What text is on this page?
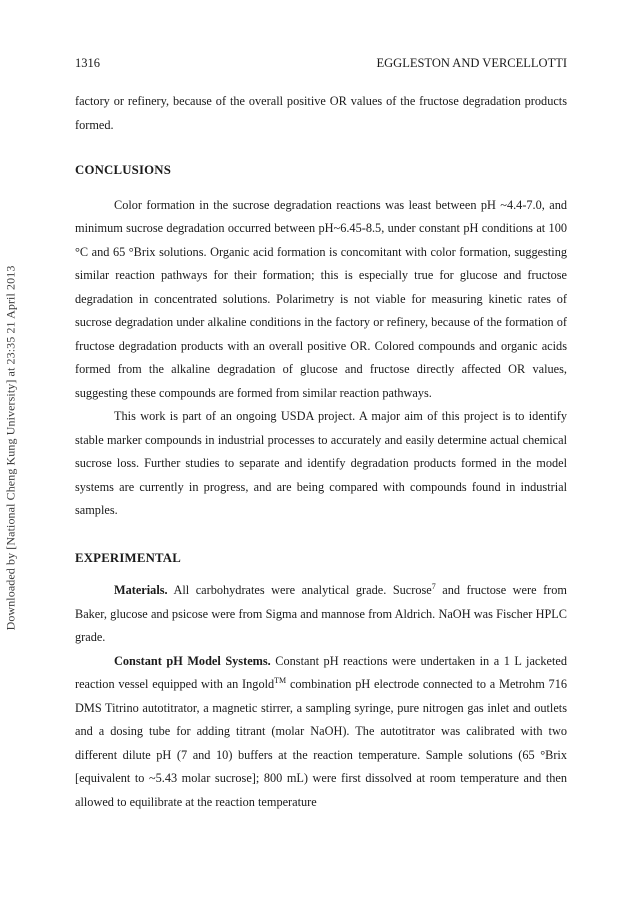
Downloaded by [National Cheng Kung University] at 23:35 21 April 2013
1316	EGGLESTON AND VERCELLOTTI

factory or refinery, because of the overall positive OR values of the fructose degradation products formed.

CONCLUSIONS

Color formation in the sucrose degradation reactions was least between pH ~4.4-7.0, and minimum sucrose degradation occurred between pH~6.45-8.5, under constant pH conditions at 100 °C and 65 °Brix solutions. Organic acid formation is concomitant with color formation, suggesting similar reaction pathways for their formation; this is especially true for glucose and fructose degradation in concentrated solutions. Polarimetry is not viable for measuring kinetic rates of sucrose degradation under alkaline conditions in the factory or refinery, because of the formation of fructose degradation products with an overall positive OR. Colored compounds and organic acids formed from the alkaline degradation of glucose and fructose directly affected OR values, suggesting these compounds are formed from similar reaction pathways.

This work is part of an ongoing USDA project. A major aim of this project is to identify stable marker compounds in industrial processes to accurately and easily determine actual chemical sucrose loss. Further studies to separate and identify degradation products formed in the model systems are currently in progress, and are being compared with compounds found in industrial samples.

EXPERIMENTAL

Materials. All carbohydrates were analytical grade. Sucrose$^7$ and fructose were from Baker, glucose and psicose were from Sigma and mannose from Aldrich. NaOH was Fischer HPLC grade.

Constant pH Model Systems. Constant pH reactions were undertaken in a 1 L jacketed reaction vessel equipped with an Ingold™ combination pH electrode connected to a Metrohm 716 DMS Titrino autotitrator, a magnetic stirrer, a sampling syringe, pure nitrogen gas inlet and outlets and a dosing tube for adding titrant (molar NaOH). The autotitrator was calibrated with two different dilute pH (7 and 10) buffers at the reaction temperature. Sample solutions (65 °Brix [equivalent to ~5.43 molar sucrose]; 800 mL) were first dissolved at room temperature and then allowed to equilibrate at the reaction temperature
